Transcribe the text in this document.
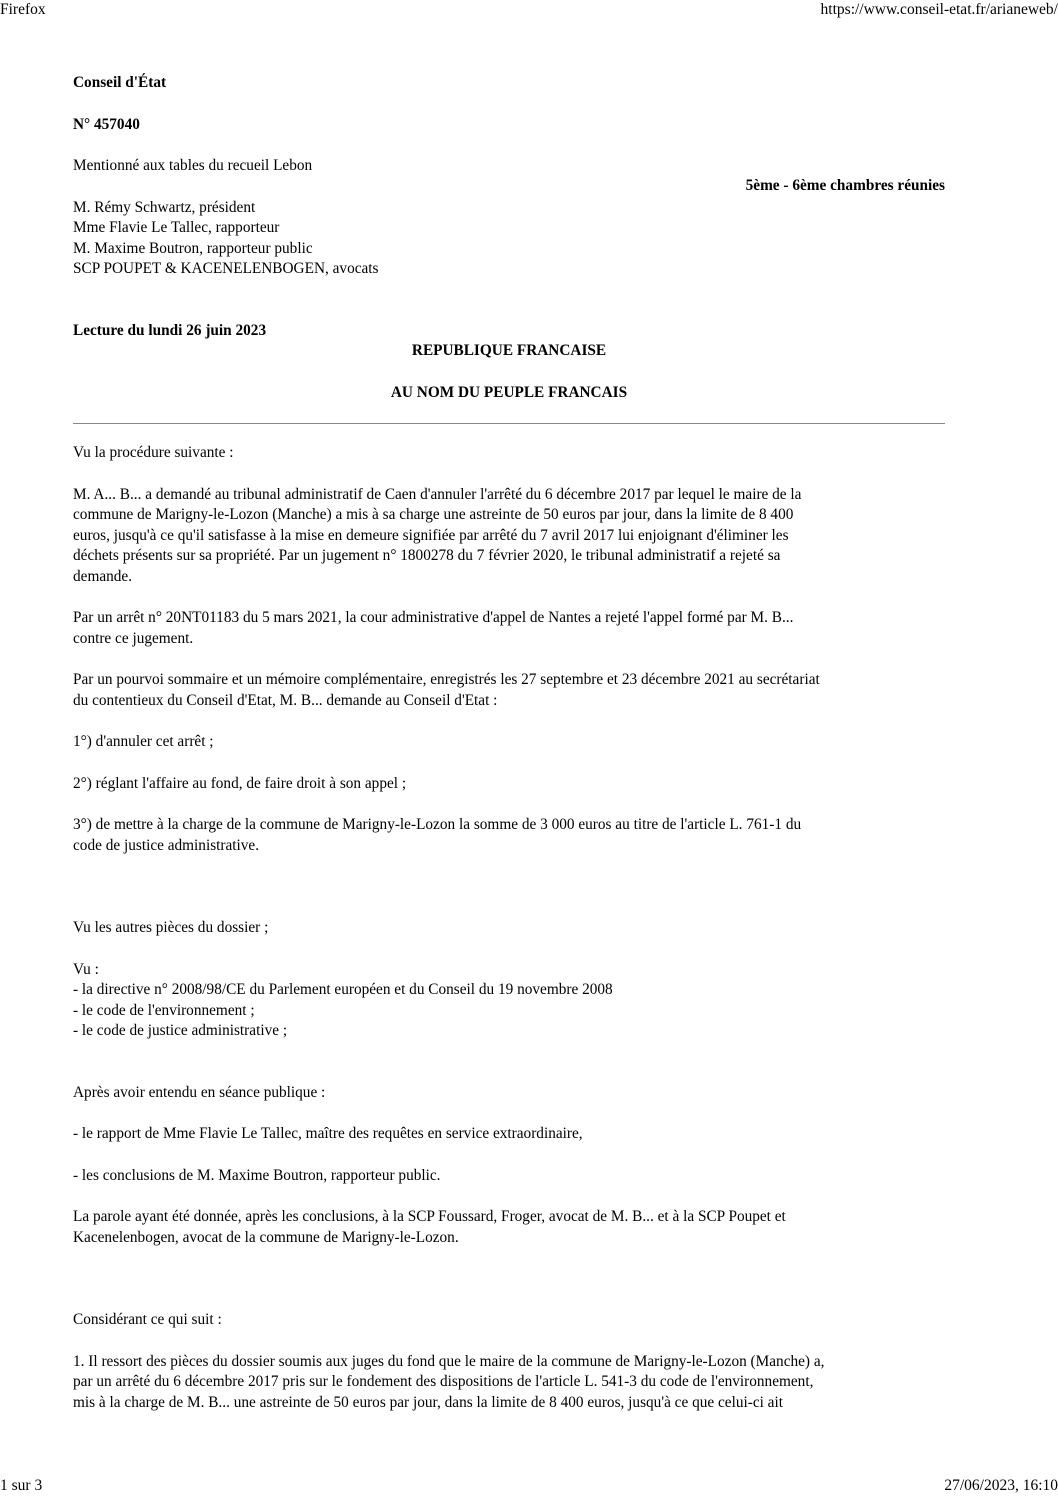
Firefox	https://www.conseil-etat.fr/arianeweb/
5ème - 6ème chambres réunies

Conseil d'État

N° 457040

Mentionné aux tables du recueil Lebon

M. Rémy Schwartz, président

Mme Flavie Le Tallec, rapporteur

M. Maxime Boutron, rapporteur public

SCP POUPET & KACENELENBOGEN, avocats

Lecture du lundi 26 juin 2023

REPUBLIQUE FRANCAISE

AU NOM DU PEUPLE FRANCAIS

Vu la procédure suivante :

M. A... B... a demandé au tribunal administratif de Caen d'annuler l'arrêté du 6 décembre 2017 par lequel le maire de la

commune de Marigny-le-Lozon (Manche) a mis à sa charge une astreinte de 50 euros par jour, dans la limite de 8 400

euros, jusqu'à ce qu'il satisfasse à la mise en demeure signifiée par arrêté du 7 avril 2017 lui enjoignant d'éliminer les

déchets présents sur sa propriété. Par un jugement n° 1800278 du 7 février 2020, le tribunal administratif a rejeté sa

demande.

Par un arrêt n° 20NT01183 du 5 mars 2021, la cour administrative d'appel de Nantes a rejeté l'appel formé par M. B...

contre ce jugement.

Par un pourvoi sommaire et un mémoire complémentaire, enregistrés les 27 septembre et 23 décembre 2021 au secrétariat

du contentieux du Conseil d'Etat, M. B... demande au Conseil d'Etat :

1°) d'annuler cet arrêt ;

2°) réglant l'affaire au fond, de faire droit à son appel ;

3°) de mettre à la charge de la commune de Marigny-le-Lozon la somme de 3 000 euros au titre de l'article L. 761-1 du

code de justice administrative.

Vu les autres pièces du dossier ;

Vu :

- la directive n° 2008/98/CE du Parlement européen et du Conseil du 19 novembre 2008

- le code de l'environnement ;

- le code de justice administrative ;

Après avoir entendu en séance publique :

- le rapport de Mme Flavie Le Tallec, maître des requêtes en service extraordinaire,

- les conclusions de M. Maxime Boutron, rapporteur public.

La parole ayant été donnée, après les conclusions, à la SCP Foussard, Froger, avocat de M. B... et à la SCP Poupet et

Kacenelenbogen, avocat de la commune de Marigny-le-Lozon.

Considérant ce qui suit :

1. Il ressort des pièces du dossier soumis aux juges du fond que le maire de la commune de Marigny-le-Lozon (Manche) a,

par un arrêté du 6 décembre 2017 pris sur le fondement des dispositions de l'article L. 541-3 du code de l'environnement,

mis à la charge de M. B... une astreinte de 50 euros par jour, dans la limite de 8 400 euros, jusqu'à ce que celui-ci ait

1 sur 3	27/06/2023, 16:10
